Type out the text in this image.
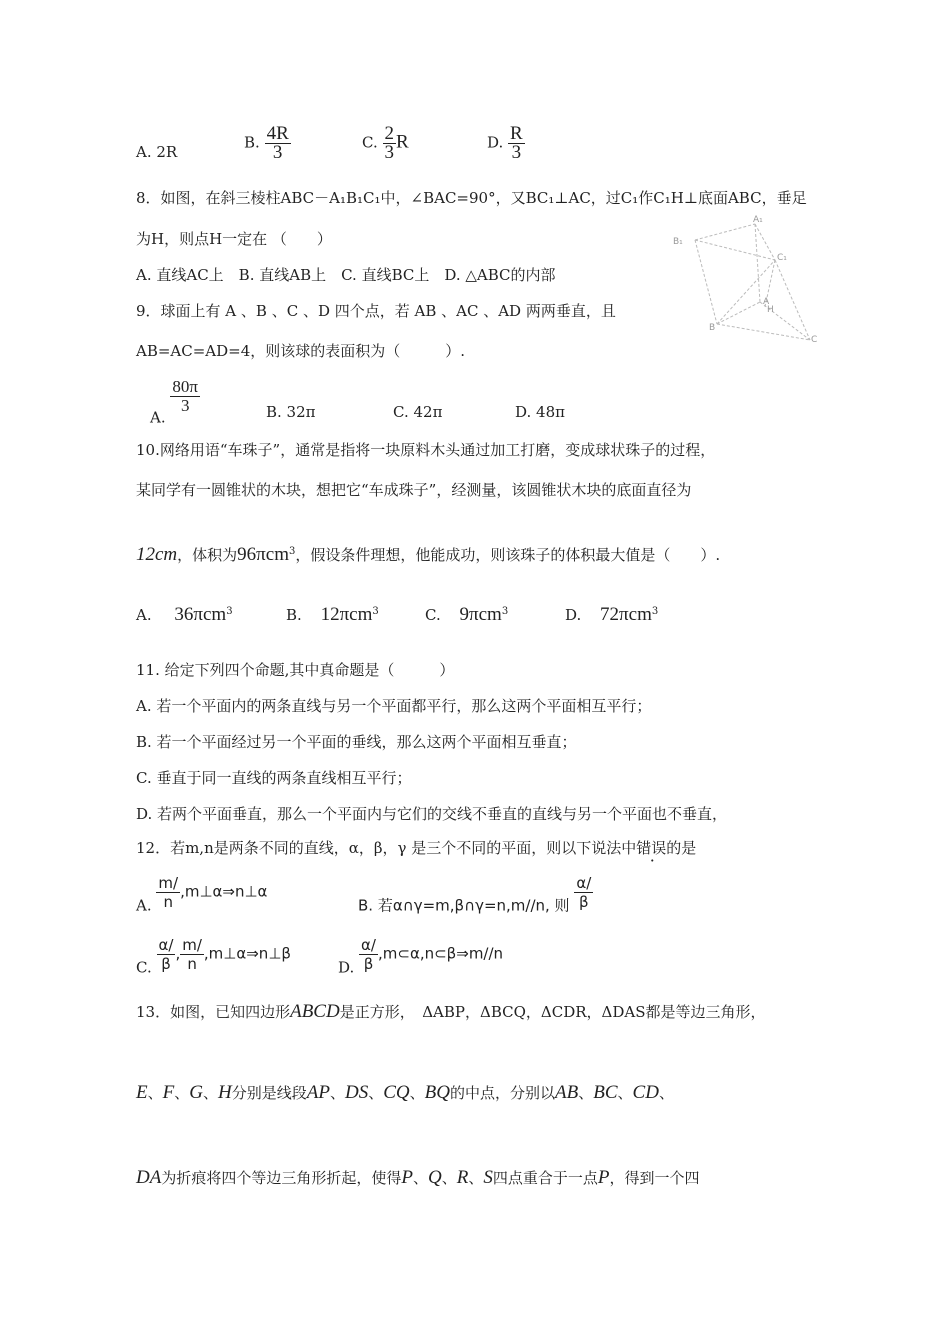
A. 2R
B. $\frac{4R}{3}$	C. $\frac{2}{3}$ R	D. $\frac{R}{3}$
8．如图，在斜三棱柱ABC－A₁B₁C₁中，∠BAC=90°，又BC₁⊥AC，过C₁作C₁H⊥底面ABC，垂足
为H，则点H一定在 （　　）
A. 直线AC上　B. 直线AB上　C. 直线BC上　D. △ABC的内部
B₁
A₁
C₁
A
H
B
C
9．球面上有 A 、B 、C 、D 四个点，若 AB 、AC 、AD 两两垂直，且
AB=AC=AD=4，则该球的表面积为（　　　）.
A.
$\frac{80\pi}{3}$	B. 32π	C. 42π	D. 48π
10.网络用语“车珠子”，通常是指将一块原料木头通过加工打磨，变成球状珠子的过程，
某同学有一圆锥状的木块，想把它“车成珠子”，经测量，该圆锥状木块的底面直径为
12cm，体积为96πcm$^3$，假设条件理想，他能成功，则该珠子的体积最大值是（　　）.
A. 36πcm$^3$	B. 12πcm$^3$	C. 9πcm$^3$	D. 72πcm$^3$
11. 给定下列四个命题,其中真命题是（　　　）
A. 若一个平面内的两条直线与另一个平面都平行，那么这两个平面相互平行；
B. 若一个平面经过另一个平面的垂线，那么这两个平面相互垂直；
C. 垂直于同一直线的两条直线相互平行；
D. 若两个平面垂直，那么一个平面内与它们的交线不垂直的直线与另一个平面也不垂直，
12．若m,n是两条不同的直线，α，β，γ 是三个不同的平面，则以下说法中错误的是
A. $\frac{m/}{n}$ ,m⊥α⇒n⊥α
B. 若α∩γ=m,β∩γ=n,m//n, 则 $\frac{\alpha/}{\beta}$
C. $\frac{\alpha/}{\beta}$ , $\frac{m/}{n}$ ,m⊥α⇒n⊥β
D. $\frac{\alpha/}{\beta}$ ,m⊂α,n⊂β⇒m//n
13．如图，已知四边形ABCD是正方形，　ΔABP，ΔBCQ，ΔCDR，ΔDAS都是等边三角形，
E、F、G、H分别是线段AP、DS、CQ、BQ的中点，分别以AB、BC、CD、
DA为折痕将四个等边三角形折起，使得P、Q、R、S四点重合于一点P，得到一个四
